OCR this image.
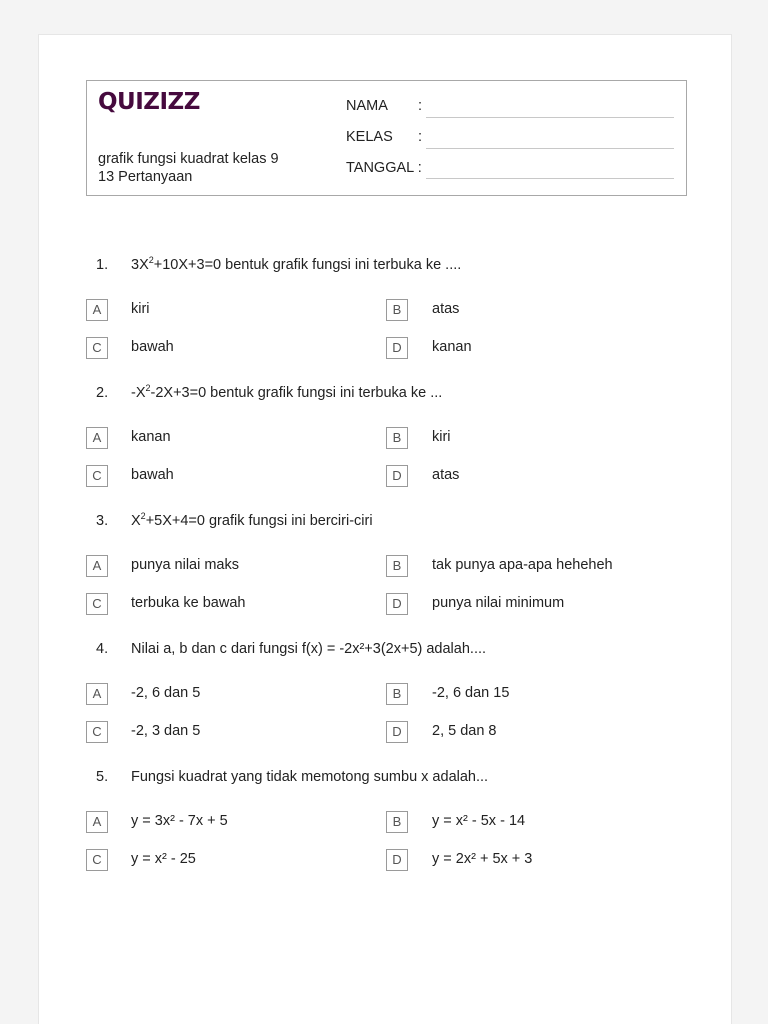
QUIZIZZ
grafik fungsi kuadrat kelas 9
13 Pertanyaan
NAMA :
KELAS :
TANGGAL :
1. $3X^2+10X+3=0$ bentuk grafik fungsi ini terbuka ke ....
A	kiri	B	atas
C	bawah	D	kanan
2. $-X^2-2X+3=0$ bentuk grafik fungsi ini terbuka ke ...
A	kanan	B	kiri
C	bawah	D	atas
3. $X^2+5X+4=0$ grafik fungsi ini berciri-ciri
A	punya nilai maks	B	tak punya apa-apa heheheh
C	terbuka ke bawah	D	punya nilai minimum
4. Nilai a, b dan c dari fungsi f(x) = -2x²+3(2x+5) adalah....
A	-2, 6 dan 5	B	-2, 6 dan 15
C	-2, 3 dan 5	D	2, 5 dan 8
5. Fungsi kuadrat yang tidak memotong sumbu x adalah...
A	y = 3x² - 7x + 5	B	y = x² - 5x - 14
C	y = x² - 25	D	y = 2x² + 5x + 3
